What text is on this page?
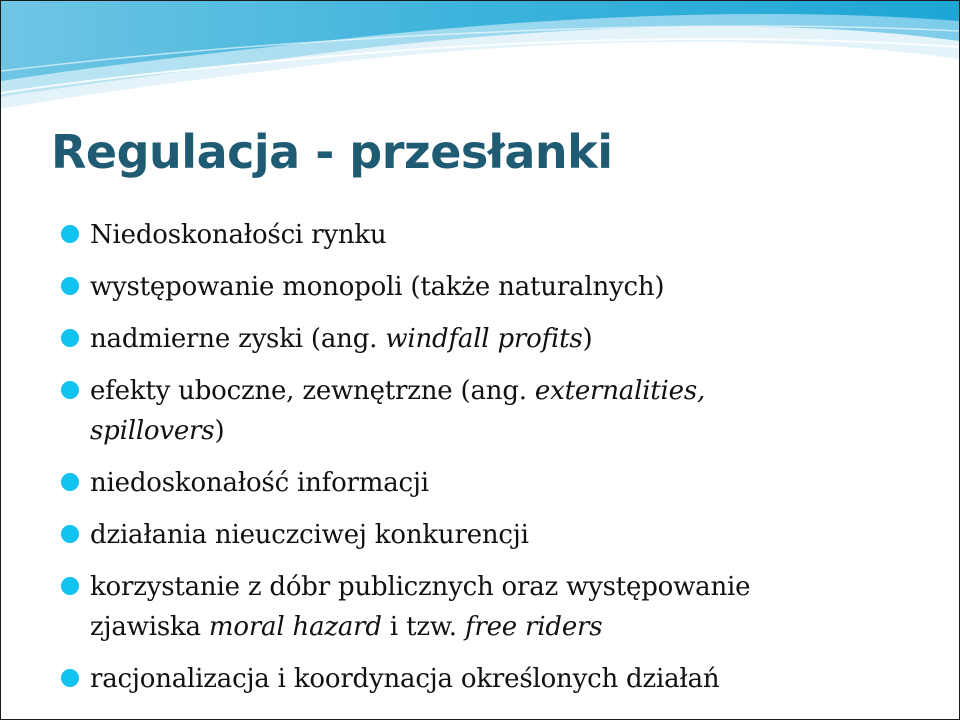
Regulacja - przesłanki
Niedoskonałości rynku
występowanie monopoli (także naturalnych)
nadmierne zyski (ang. windfall profits)
efekty uboczne, zewnętrzne (ang. externalities,
spillovers)
niedoskonałość informacji
działania nieuczciwej konkurencji
korzystanie z dóbr publicznych oraz występowanie
zjawiska moral hazard i tzw. free riders
racjonalizacja i koordynacja określonych działań
